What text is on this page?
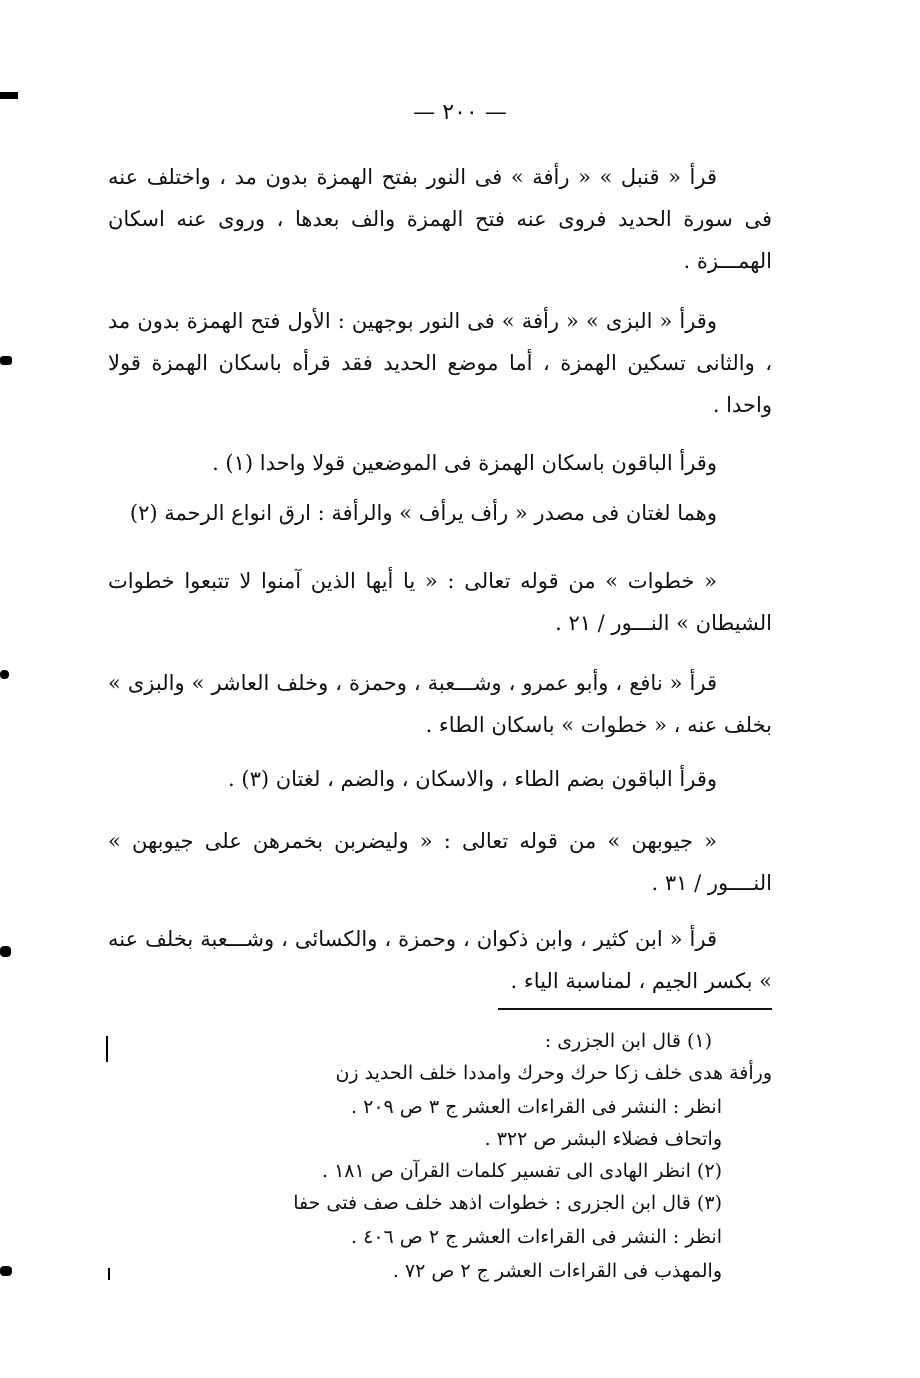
— ٢٠٠ —
قرأ « قنبل » « رأفة » فى النور بفتح الهمزة بدون مد ، واختلف عنه فى سورة الحديد فروى عنه فتح الهمزة والف بعدها ، وروى عنه اسكان الهمـــزة .
وقرأ « البزى » « رأفة » فى النور بوجهين : الأول فتح الهمزة بدون مد ، والثانى تسكين الهمزة ، أما موضع الحديد فقد قرأه باسكان الهمزة قولا واحدا .
وقرأ الباقون باسكان الهمزة فى الموضعين قولا واحدا (١) .
وهما لغتان فى مصدر « رأف يرأف » والرأفة : ارق انواع الرحمة (٢)
« خطوات » من قوله تعالى : « يا أيها الذين آمنوا لا تتبعوا خطوات الشيطان » النـــور / ٢١ .
قرأ « نافع ، وأبو عمرو ، وشـــعبة ، وحمزة ، وخلف العاشر » والبزى » بخلف عنه ، « خطوات » باسكان الطاء .
وقرأ الباقون بضم الطاء ، والاسكان ، والضم ، لغتان (٣) .
« جيوبهن » من قوله تعالى : « وليضربن بخمرهن على جيوبهن » النــــور / ٣١ .
قرأ « ابن كثير ، وابن ذكوان ، وحمزة ، والكسائى ، وشـــعبة بخلف عنه » بكسر الجيم ، لمناسبة الياء .
(١) قال ابن الجزرى :
ورأفة هدى خلف زكا حرك وحرك وامددا خلف الحديد زن
انظر : النشر فى القراءات العشر ج ٣ ص ٢٠٩ .
واتحاف فضلاء البشر ص ٣٢٢ .
(٢) انظر الهادى الى تفسير كلمات القرآن ص ١٨١ .
(٣) قال ابن الجزرى : خطوات اذهد خلف صف فتى حفا
انظر : النشر فى القراءات العشر ج ٢ ص ٤٠٦ .
والمهذب فى القراءات العشر ج ٢ ص ٧٢ .
